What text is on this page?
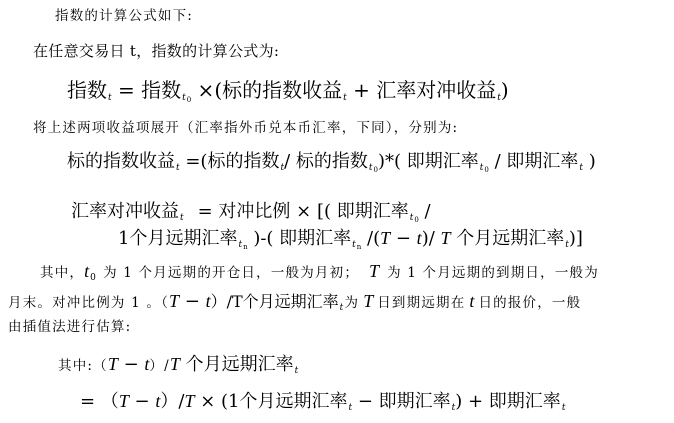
指数的计算公式如下:
在任意交易日 t，指数的计算公式为:
指数$_t$ = 指数$_{t_0}$ ×(标的指数收益$_t$ + 汇率对冲收益$_t$)
将上述两项收益项展开（汇率指外币兑本币汇率，下同），分别为:
标的指数收益$_t$ =(标的指数$_t$/ 标的指数$_{t_0}$)*( 即期汇率$_{t_0}$ / 即期汇率$_t$ )
汇率对冲收益$_t$ = 对冲比例 × [( 即期汇率$_{t_0}$ /
1个月远期汇率$_{t_n}$ )-( 即期汇率$_{t_n}$ /(T − t)/ T 个月远期汇率$_t$)]
其中，$t_0$ 为 1 个月远期的开仓日，一般为月初； T 为 1 个月远期的到期日，一般为
月末。对冲比例为 1 。（T − t）/T个月远期汇率$_t$为 T 日到期远期在 t 日的报价，一般
由插值法进行估算:
其中:（T − t）/T 个月远期汇率$_t$
= （T − t）/T × (1个月远期汇率$_t$ − 即期汇率$_t$) + 即期汇率$_t$
